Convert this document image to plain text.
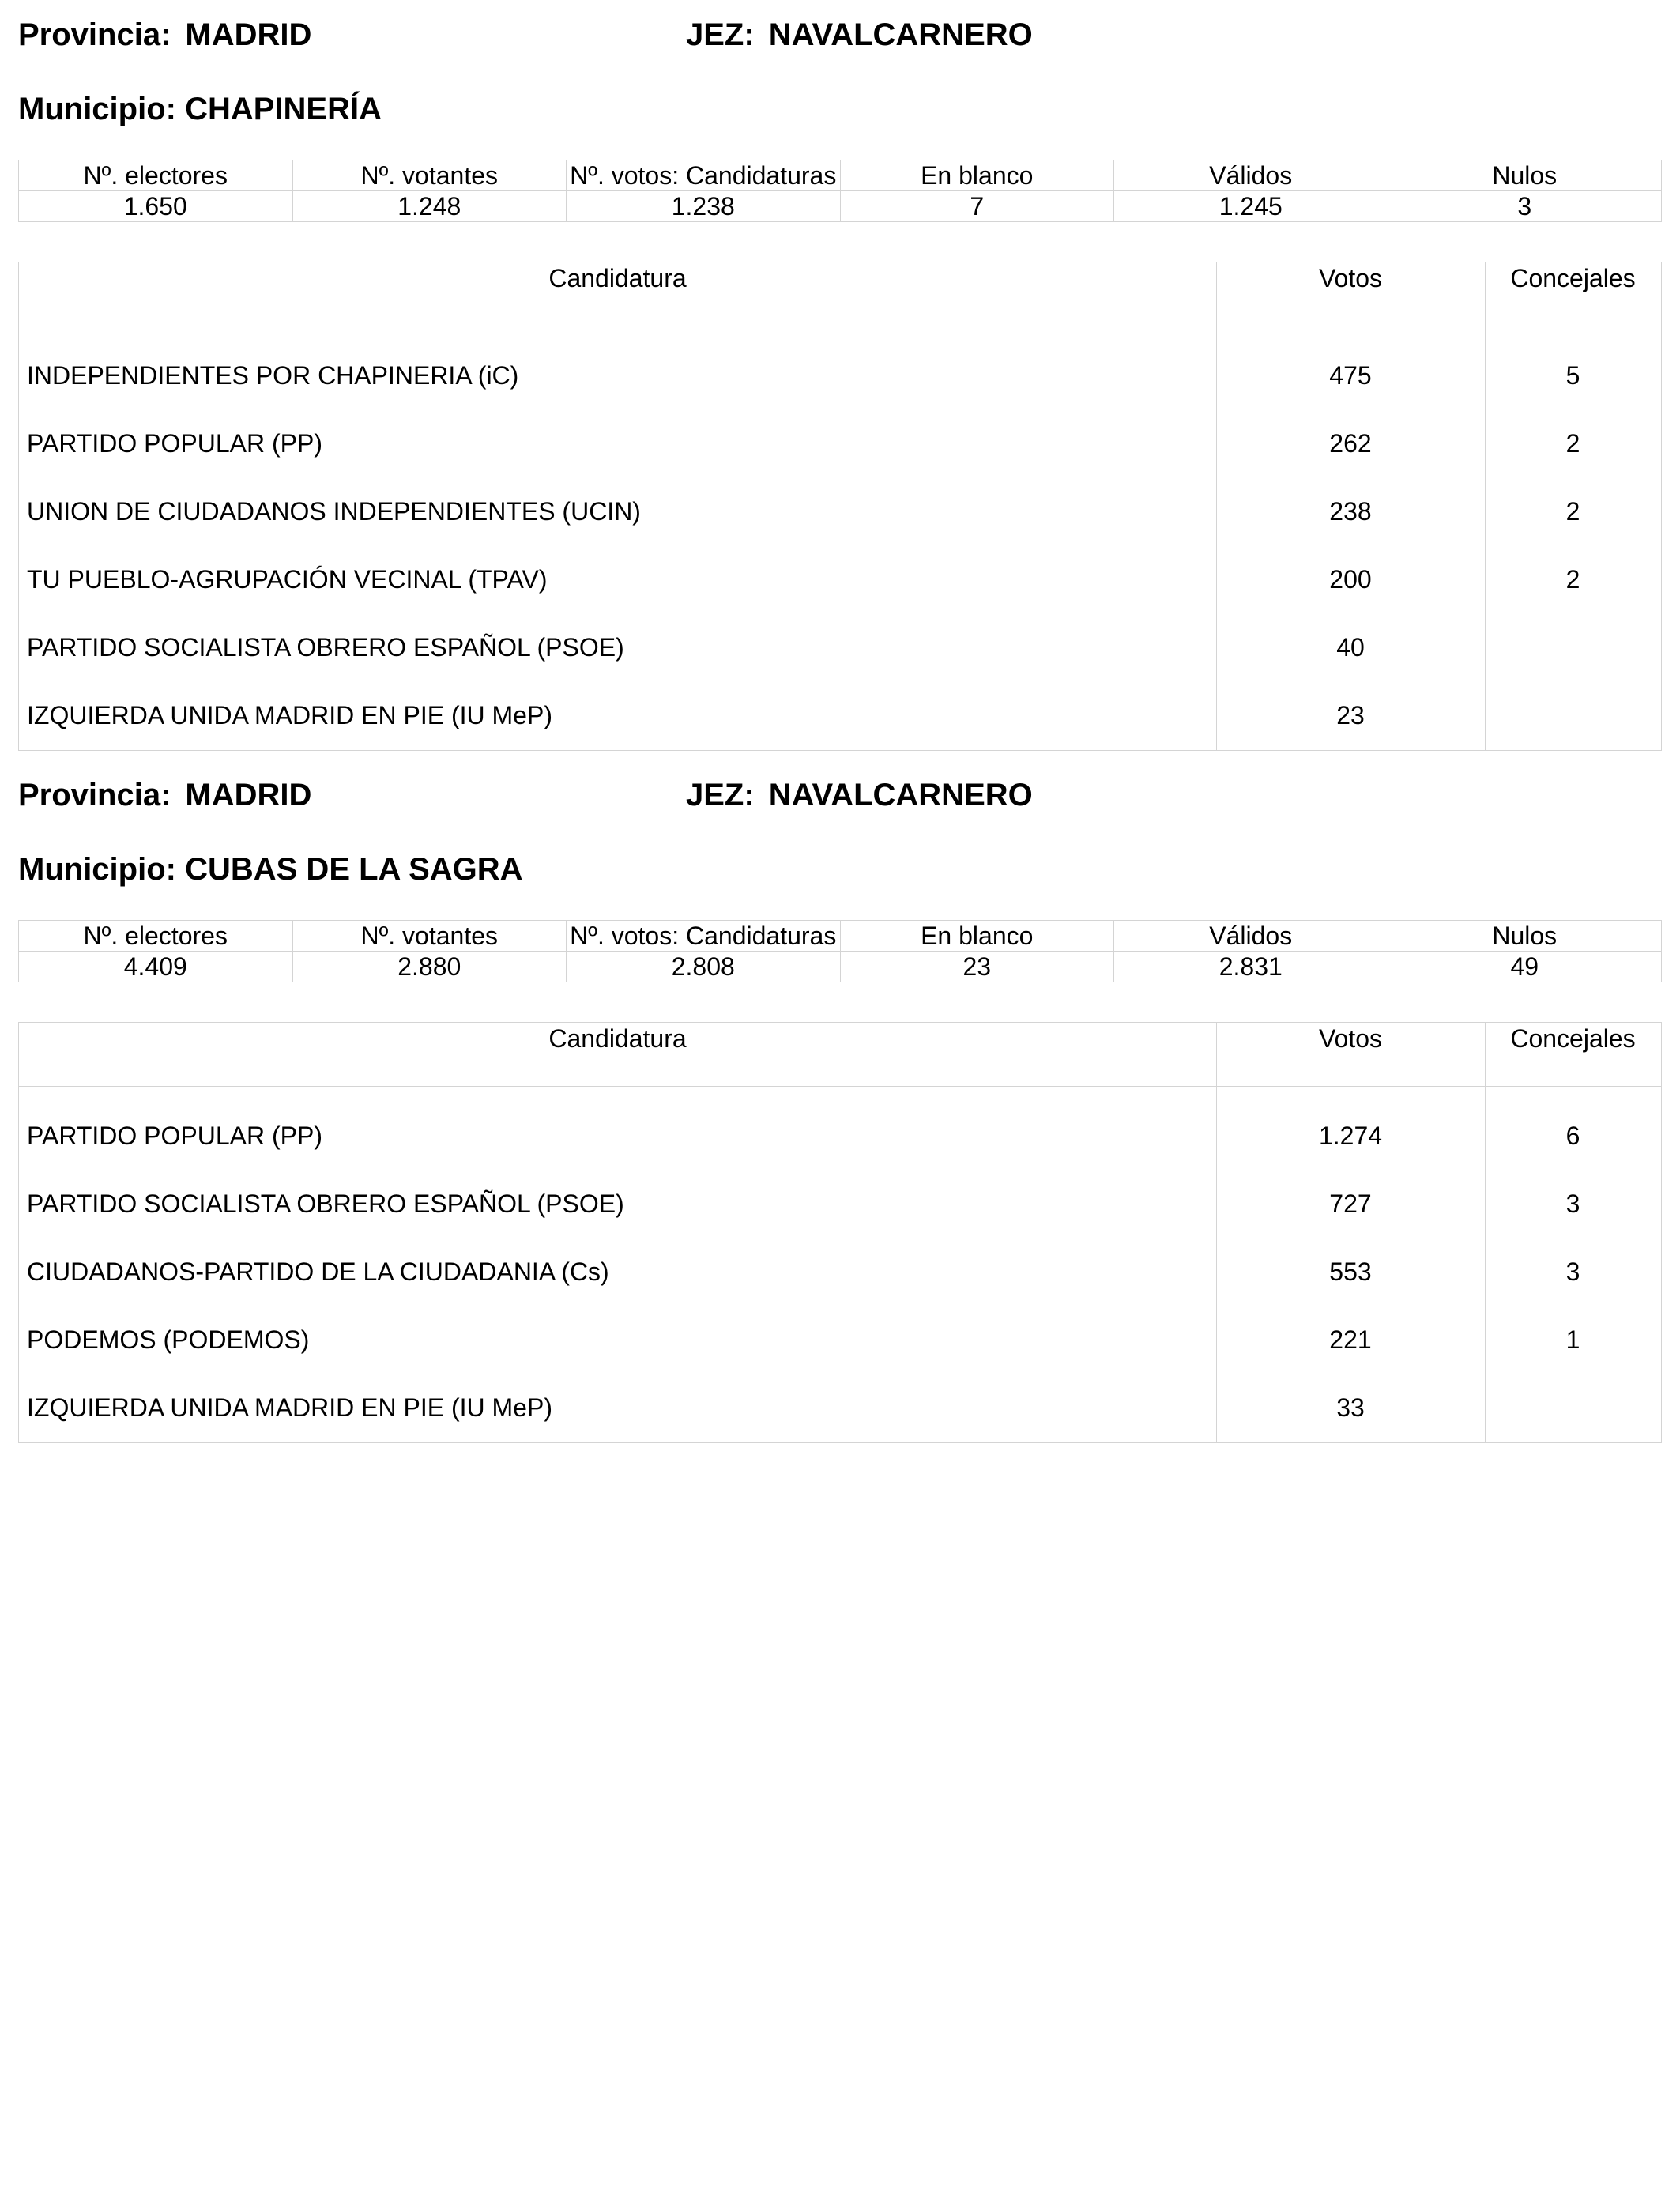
Provincia: MADRID	JEZ: NAVALCARNERO
Municipio: CHAPINERÍA
Nº. electores	Nº. votantes	Nº. votos: Candidaturas	En blanco	Válidos	Nulos
1.650	1.248	1.238	7	1.245	3
Candidatura	Votos	Concejales
INDEPENDIENTES POR CHAPINERIA (iC)	475	5
PARTIDO POPULAR (PP)	262	2
UNION DE CIUDADANOS INDEPENDIENTES (UCIN)	238	2
TU PUEBLO-AGRUPACIÓN VECINAL (TPAV)	200	2
PARTIDO SOCIALISTA OBRERO ESPAÑOL (PSOE)	40
IZQUIERDA UNIDA MADRID EN PIE (IU MeP)	23
Provincia: MADRID	JEZ: NAVALCARNERO
Municipio: CUBAS DE LA SAGRA
Nº. electores	Nº. votantes	Nº. votos: Candidaturas	En blanco	Válidos	Nulos
4.409	2.880	2.808	23	2.831	49
Candidatura	Votos	Concejales
PARTIDO POPULAR (PP)	1.274	6
PARTIDO SOCIALISTA OBRERO ESPAÑOL (PSOE)	727	3
CIUDADANOS-PARTIDO DE LA CIUDADANIA (Cs)	553	3
PODEMOS (PODEMOS)	221	1
IZQUIERDA UNIDA MADRID EN PIE (IU MeP)	33
